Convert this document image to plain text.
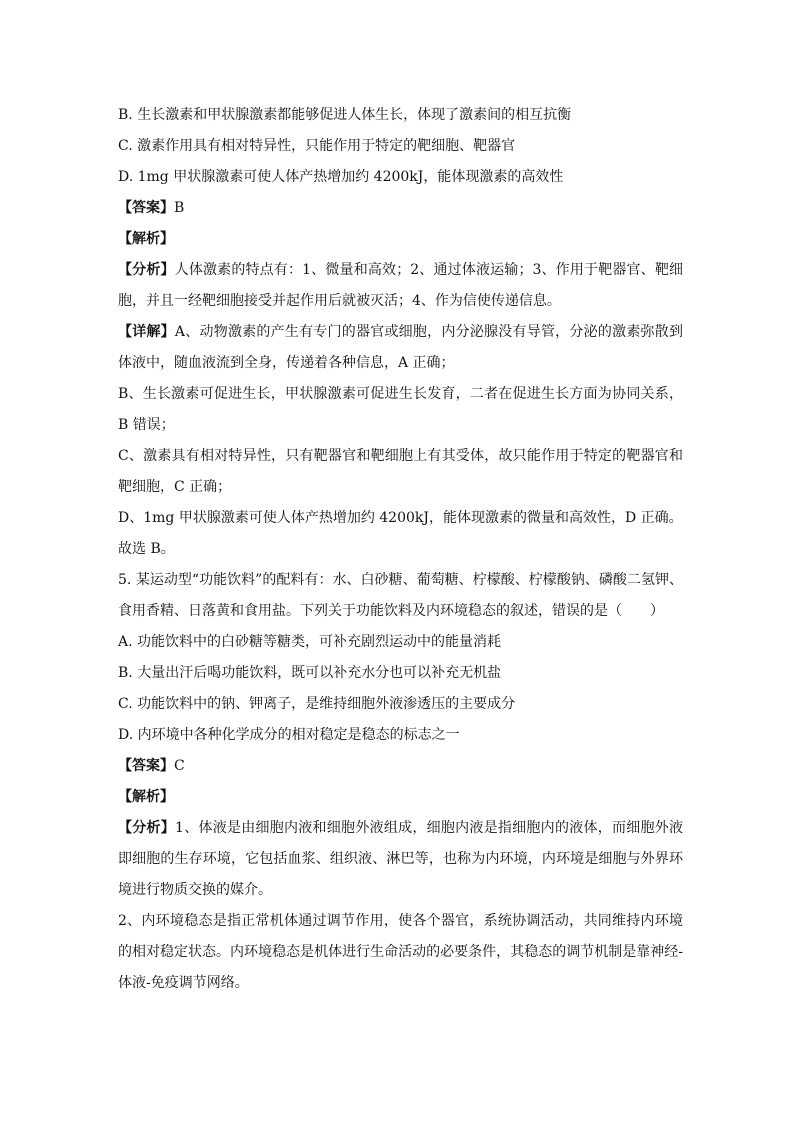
B. 生长激素和甲状腺激素都能够促进人体生长，体现了激素间的相互抗衡
C. 激素作用具有相对特异性，只能作用于特定的靶细胞、靶器官
D. 1mg 甲状腺激素可使人体产热增加约 4200kJ，能体现激素的高效性
【答案】B
【解析】
【分析】人体激素的特点有：1、微量和高效；2、通过体液运输；3、作用于靶器官、靶细胞，并且一经靶细胞接受并起作用后就被灭活；4、作为信使传递信息。
【详解】A、动物激素的产生有专门的器官或细胞，内分泌腺没有导管，分泌的激素弥散到体液中，随血液流到全身，传递着各种信息，A 正确；
B、生长激素可促进生长，甲状腺激素可促进生长发育，二者在促进生长方面为协同关系，B 错误；
C、激素具有相对特异性，只有靶器官和靶细胞上有其受体，故只能作用于特定的靶器官和靶细胞，C 正确；
D、1mg 甲状腺激素可使人体产热增加约 4200kJ，能体现激素的微量和高效性，D 正确。
故选 B。
5. 某运动型“功能饮料”的配料有：水、白砂糖、葡萄糖、柠檬酸、柠檬酸钠、磷酸二氢钾、食用香精、日落黄和食用盐。下列关于功能饮料及内环境稳态的叙述，错误的是（　　）
A. 功能饮料中的白砂糖等糖类，可补充剧烈运动中的能量消耗
B. 大量出汗后喝功能饮料，既可以补充水分也可以补充无机盐
C. 功能饮料中的钠、钾离子，是维持细胞外液渗透压的主要成分
D. 内环境中各种化学成分的相对稳定是稳态的标志之一
【答案】C
【解析】
【分析】1、体液是由细胞内液和细胞外液组成，细胞内液是指细胞内的液体，而细胞外液即细胞的生存环境，它包括血浆、组织液、淋巴等，也称为内环境，内环境是细胞与外界环境进行物质交换的媒介。
2、内环境稳态是指正常机体通过调节作用，使各个器官，系统协调活动，共同维持内环境的相对稳定状态。内环境稳态是机体进行生命活动的必要条件，其稳态的调节机制是靠神经-体液-免疫调节网络。
